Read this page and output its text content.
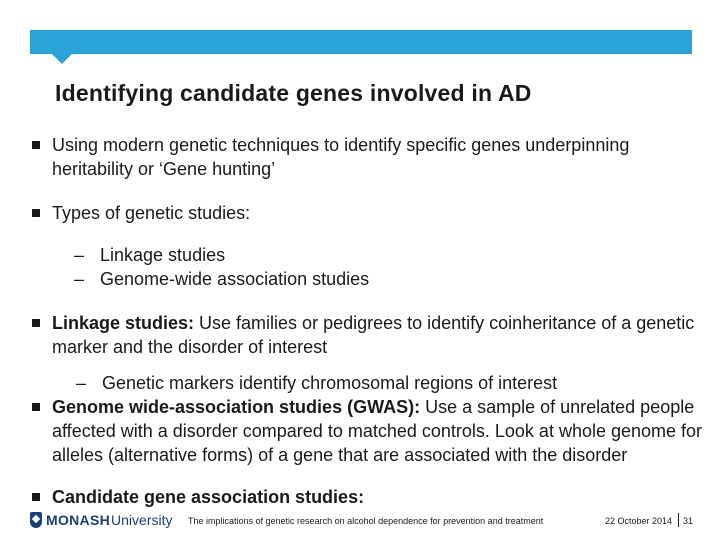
Identifying candidate genes involved in AD
Using modern genetic techniques to identify specific genes underpinning heritability or ‘Gene hunting’
Types of genetic studies:
– Linkage studies
– Genome-wide association studies
Linkage studies: Use families or pedigrees to identify coinheritance of a genetic marker and the disorder of interest
– Genetic markers identify chromosomal regions of interest
Genome wide-association studies (GWAS): Use a sample of unrelated people affected with a disorder compared to matched controls. Look at whole genome for alleles (alternative forms) of a gene that are associated with the disorder
Candidate gene association studies:
MONASH University The implications of genetic research on alcohol dependence for prevention and treatment	22 October 2014 31
